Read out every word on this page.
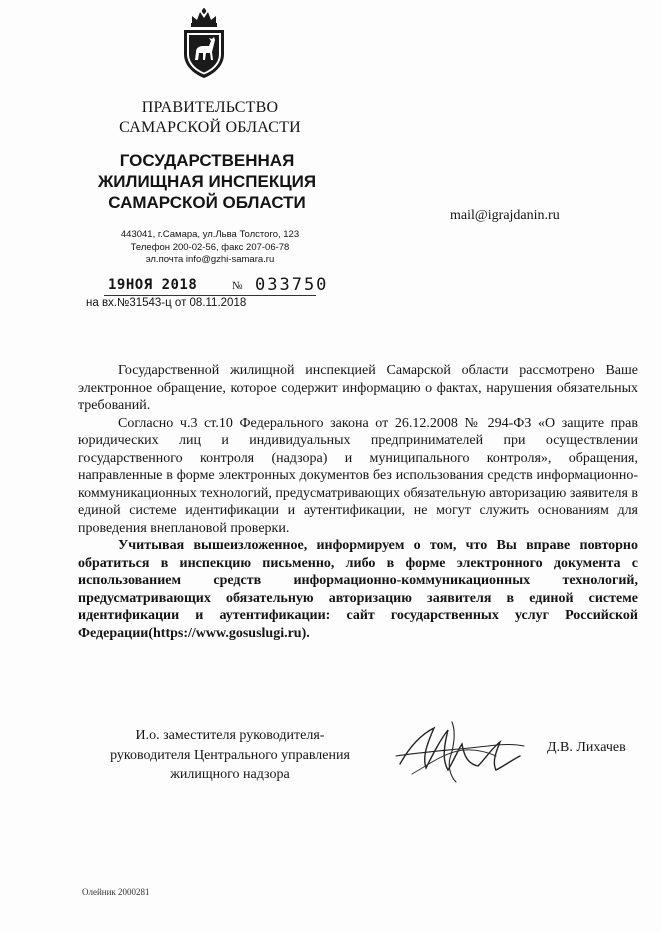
ПРАВИТЕЛЬСТВО
САМАРСКОЙ ОБЛАСТИ
ГОСУДАРСТВЕННАЯ
ЖИЛИЩНАЯ ИНСПЕКЦИЯ
САМАРСКОЙ ОБЛАСТИ
443041, г.Самара, ул.Льва Толстого, 123
Телефон 200-02-56, факс 207-06-78
эл.почта info@gzhi-samara.ru
19НОЯ 2018	№ 033750
на вх.№31543-ц от 08.11.2018
mail@igrajdanin.ru

Государственной жилищной инспекцией Самарской области рассмотрено Ваше электронное обращение, которое содержит информацию о фактах, нарушения обязательных требований.

Согласно ч.3 ст.10 Федерального закона от 26.12.2008 № 294-ФЗ «О защите прав юридических лиц и индивидуальных предпринимателей при осуществлении государственного контроля (надзора) и муниципального контроля», обращения, направленные в форме электронных документов без использования средств информационно-коммуникационных технологий, предусматривающих обязательную авторизацию заявителя в единой системе идентификации и аутентификации, не могут служить основаниям для проведения внеплановой проверки.

Учитывая вышеизложенное, информируем о том, что Вы вправе повторно обратиться в инспекцию письменно, либо в форме электронного документа с использованием средств информационно-коммуникационных технологий, предусматривающих обязательную авторизацию заявителя в единой системе идентификации и аутентификации: сайт государственных услуг Российской Федерации(https://www.gosuslugi.ru).

И.о. заместителя руководителя-
руководителя Центрального управления
жилищного надзора
Д.В. Лихачев
Олейник 2000281
